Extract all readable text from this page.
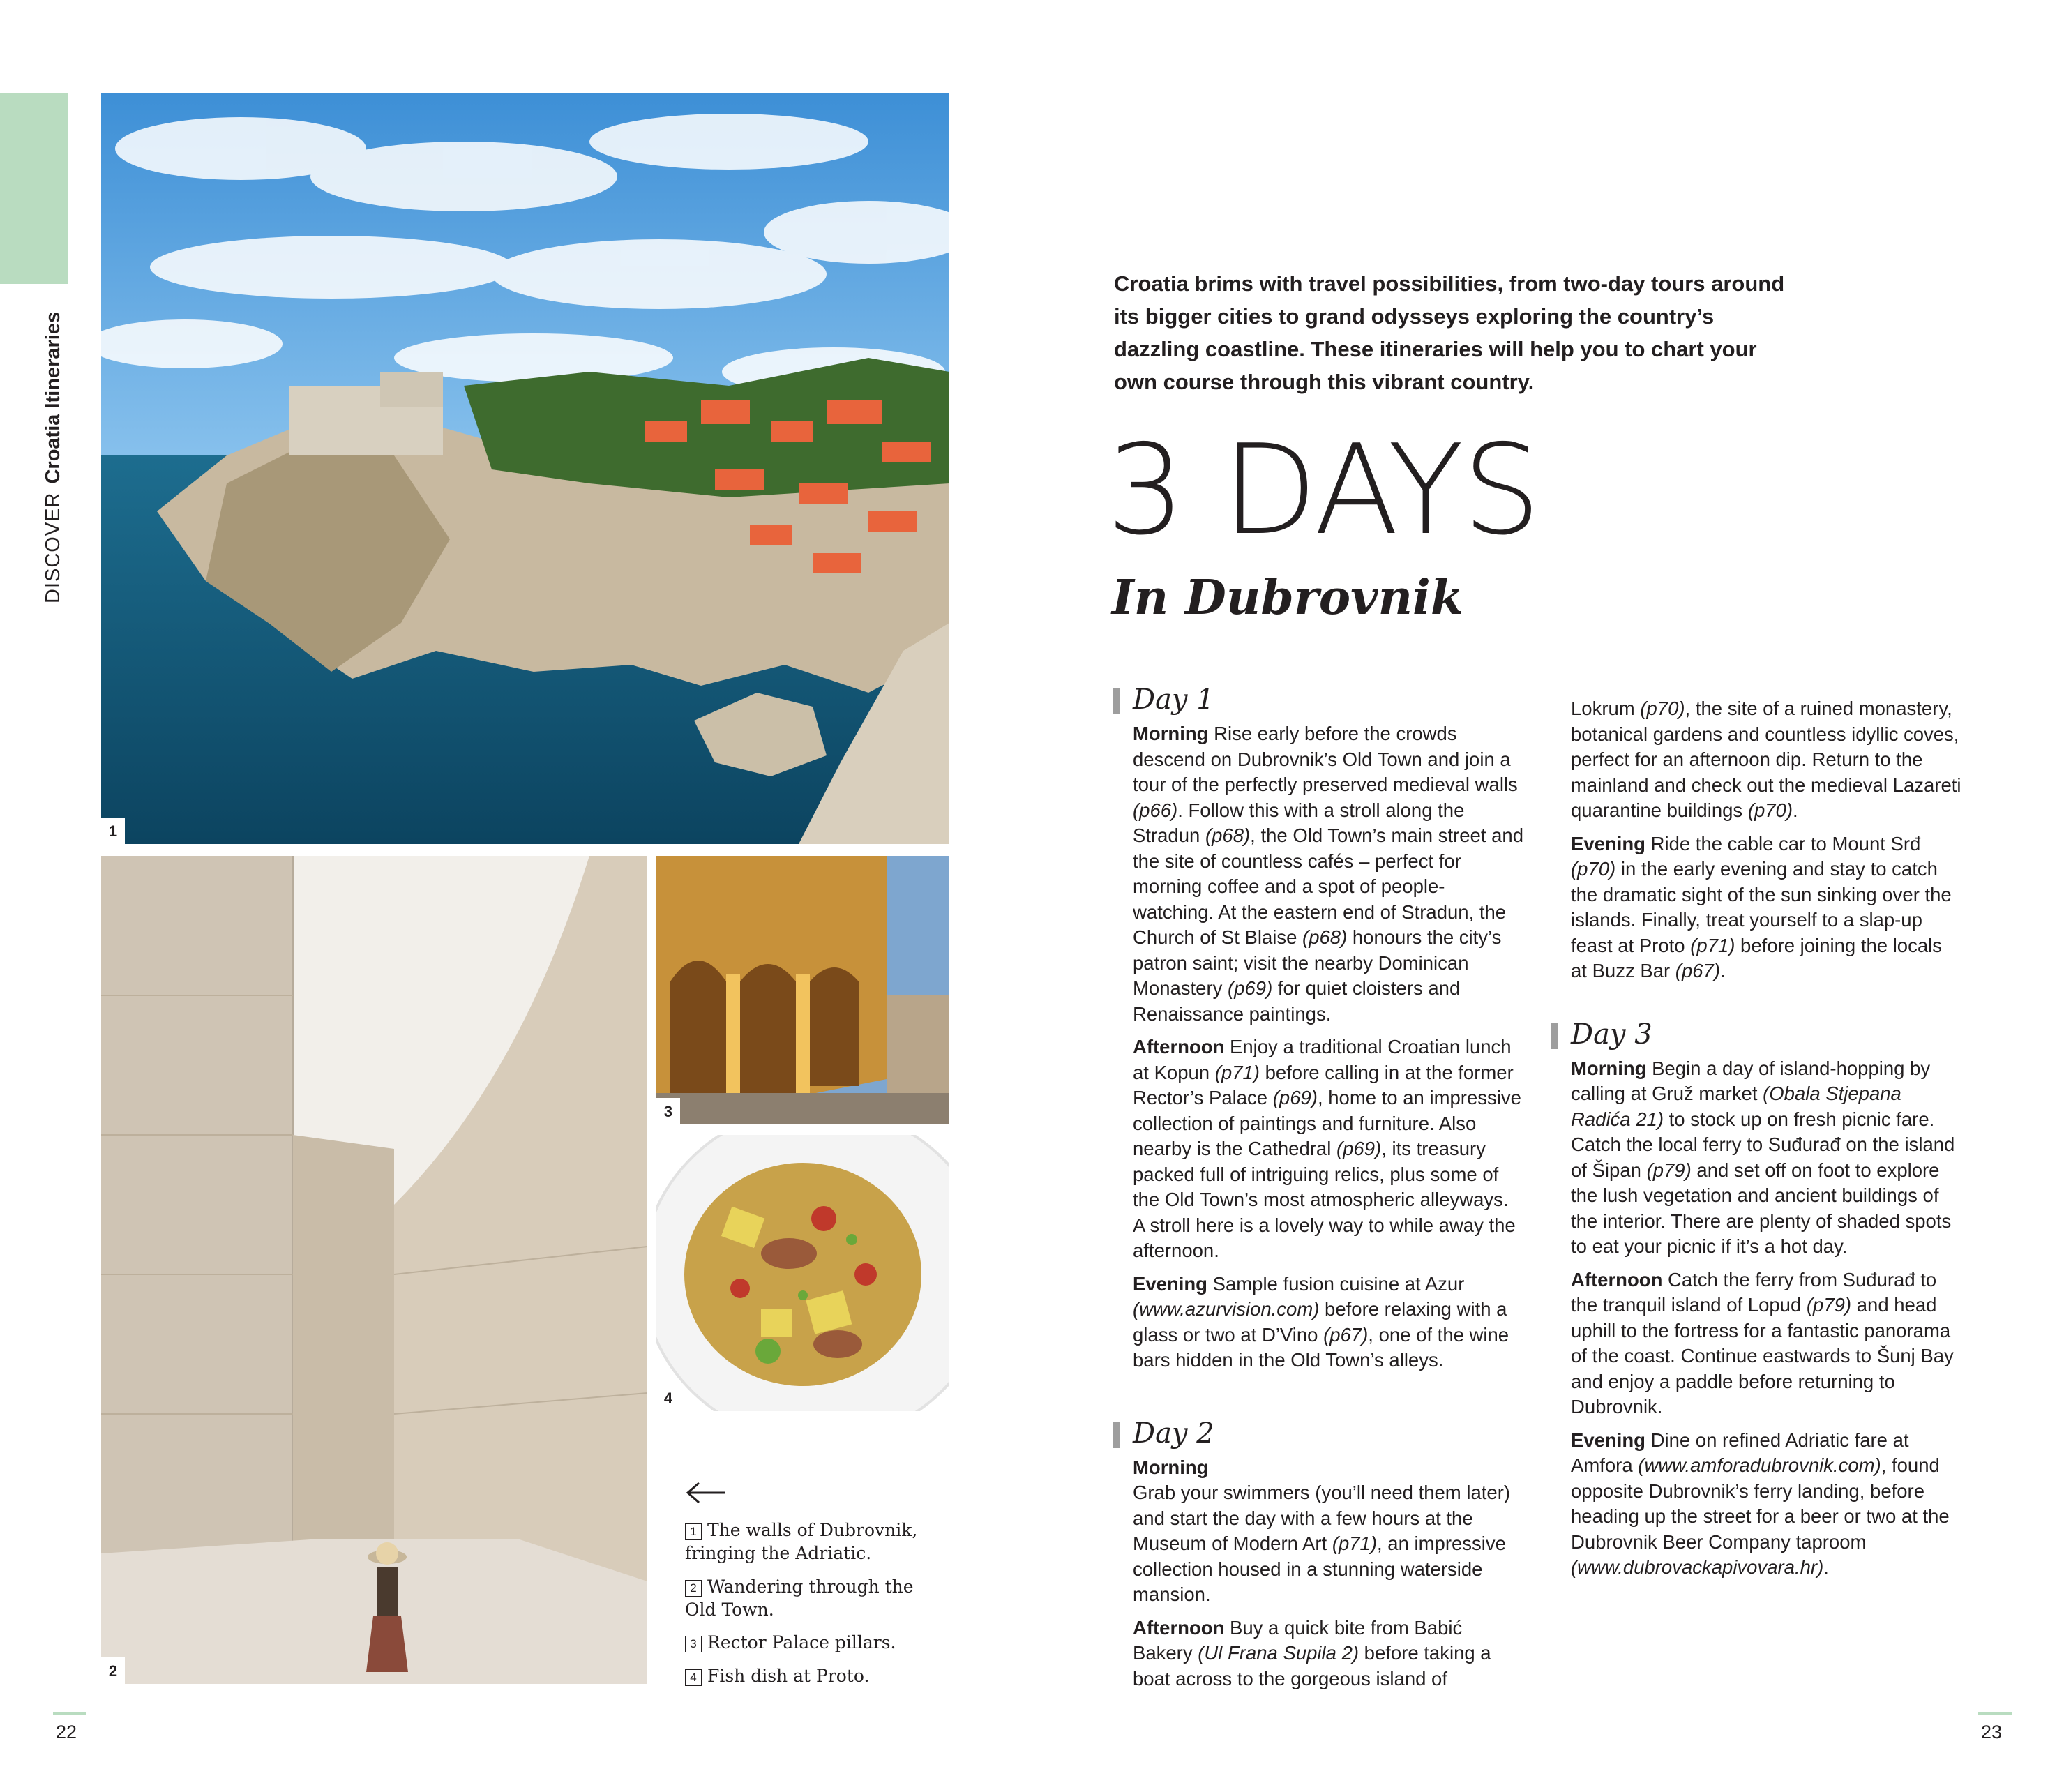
DISCOVERCroatia Itineraries
1
2
3
4
1 The walls of Dubrovnik,
fringing the Adriatic.
2 Wandering through the
Old Town.
3 Rector Palace pillars.
4 Fish dish at Proto.
Croatia brims with travel possibilities, from two-day tours around its bigger cities to grand odysseys exploring the country’s dazzling coastline. These itineraries will help you to chart your own course through this vibrant country.
3 DAYS
In Dubrovnik
Day 1

Morning Rise early before the crowds descend on Dubrovnik’s Old Town and join a tour of the perfectly preserved medieval walls (p66). Follow this with a stroll along the Stradun (p68), the Old Town’s main street and the site of countless cafés – perfect for morning coffee and a spot of people-watching. At the eastern end of Stradun, the Church of St Blaise (p68) honours the city’s patron saint; visit the nearby Dominican Monastery (p69) for quiet cloisters and Renaissance paintings.

Afternoon Enjoy a traditional Croatian lunch at Kopun (p71) before calling in at the former Rector’s Palace (p69), home to an impressive collection of paintings and furniture. Also nearby is the Cathedral (p69), its treasury packed full of intriguing relics, plus some of the Old Town’s most atmospheric alleyways. A stroll here is a lovely way to while away the afternoon.

Evening Sample fusion cuisine at Azur (www.azurvision.com) before relaxing with a glass or two at D’Vino (p67), one of the wine bars hidden in the Old Town’s alleys.

Day 2

Morning
Grab your swimmers (you’ll need them later) and start the day with a few hours at the Museum of Modern Art (p71), an impressive collection housed in a stunning waterside mansion.

Afternoon Buy a quick bite from Babić Bakery (Ul Frana Supila 2) before taking a boat across to the gorgeous island of

Lokrum (p70), the site of a ruined monastery, botanical gardens and countless idyllic coves, perfect for an afternoon dip. Return to the mainland and check out the medieval Lazareti quarantine buildings (p70).

Evening Ride the cable car to Mount Srđ (p70) in the early evening and stay to catch the dramatic sight of the sun sinking over the islands. Finally, treat yourself to a slap-up feast at Proto (p71) before joining the locals at Buzz Bar (p67).

Day 3

Morning Begin a day of island-hopping by calling at Gruž market (Obala Stjepana Radića 21) to stock up on fresh picnic fare. Catch the local ferry to Suđurađ on the island of Šipan (p79) and set off on foot to explore the lush vegetation and ancient buildings of the interior. There are plenty of shaded spots to eat your picnic if it’s a hot day.

Afternoon Catch the ferry from Suđurađ to the tranquil island of Lopud (p79) and head uphill to the fortress for a fantastic panorama of the coast. Continue eastwards to Šunj Bay and enjoy a paddle before returning to Dubrovnik.

Evening Dine on refined Adriatic fare at Amfora (www.amforadubrovnik.com), found opposite Dubrovnik’s ferry landing, before heading up the street for a beer or two at the Dubrovnik Beer Company taproom (www.dubrovackapivovara.hr).

22	23
